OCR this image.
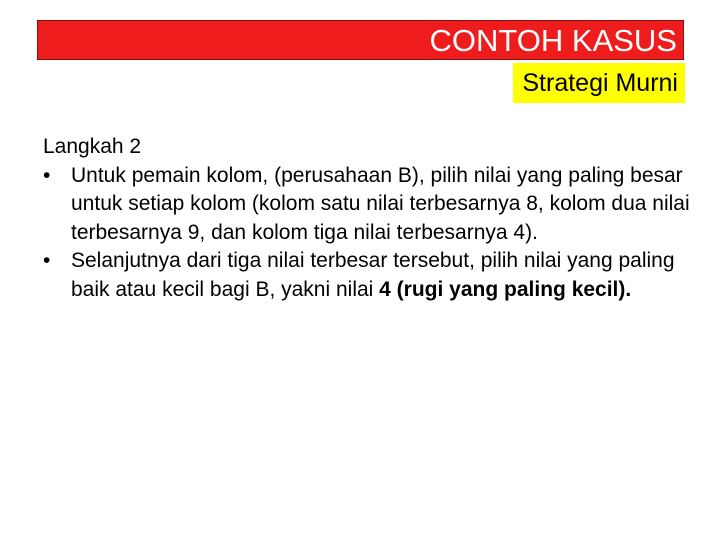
CONTOH KASUS
Strategi Murni
Langkah 2
• Untuk pemain kolom, (perusahaan B), pilih nilai yang paling besar untuk setiap kolom (kolom satu nilai terbesarnya 8, kolom dua nilai terbesarnya 9, dan kolom tiga nilai terbesarnya 4).
• Selanjutnya dari tiga nilai terbesar tersebut, pilih nilai yang paling baik atau kecil bagi B, yakni nilai 4 (rugi yang paling kecil).
